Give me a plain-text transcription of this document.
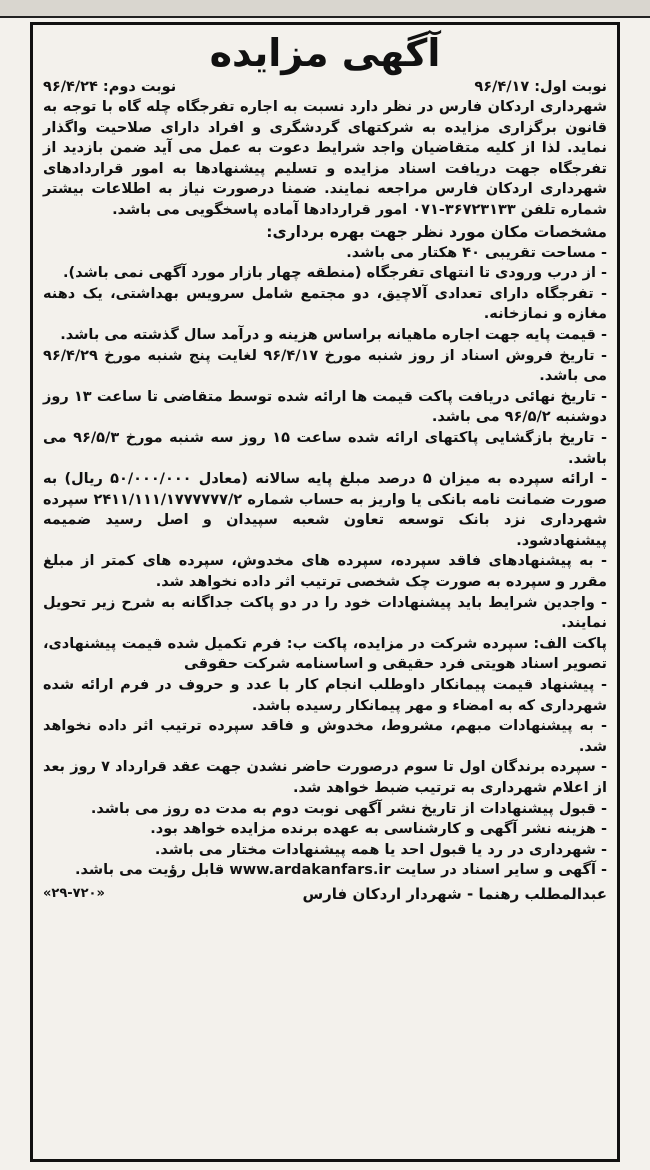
آگهی مزایده
نوبت اول: ۹۶/۴/۱۷
نوبت دوم: ۹۶/۴/۲۴

شهرداری اردکان فارس در نظر دارد نسبت به اجاره تفرجگاه چله گاه با توجه به قانون برگزاری مزایده به شرکتهای گردشگری و افراد دارای صلاحیت واگذار نماید. لذا از کلیه متقاضیان واجد شرایط دعوت به عمل می آید ضمن بازدید از تفرجگاه جهت دریافت اسناد مزایده و تسلیم پیشنهادها به امور قراردادهای شهرداری اردکان فارس مراجعه نمایند. ضمنا درصورت نیاز به اطلاعات بیشتر شماره تلفن ۳۶۷۲۳۱۳۳-۰۷۱ امور قراردادها آماده پاسخگویی می باشد.

مشخصات مکان مورد نظر جهت بهره برداری:

- مساحت تقریبی ۴۰ هکتار می باشد.

- از درب ورودی تا انتهای تفرجگاه (منطقه چهار بازار مورد آگهی نمی باشد).

- تفرجگاه دارای تعدادی آلاچیق، دو مجتمع شامل سرویس بهداشتی، یک دهنه مغازه و نمازخانه.

- قیمت پایه جهت اجاره ماهیانه براساس هزینه و درآمد سال گذشته می باشد.

- تاریخ فروش اسناد از روز شنبه مورخ ۹۶/۴/۱۷ لغایت پنج شنبه مورخ ۹۶/۴/۲۹ می باشد.

- تاریخ نهائی دریافت پاکت قیمت ها ارائه شده توسط متقاضی تا ساعت ۱۳ روز دوشنبه ۹۶/۵/۲ می باشد.

- تاریخ بازگشایی پاکتهای ارائه شده ساعت ۱۵ روز سه شنبه مورخ ۹۶/۵/۳ می باشد.

- ارائه سپرده به میزان ۵ درصد مبلغ پایه سالانه (معادل ۵۰/۰۰۰/۰۰۰ ریال) به صورت ضمانت نامه بانکی یا واریز به حساب شماره ۲۴۱۱/۱۱۱/۱۷۷۷۷۷۷/۲ سپرده شهرداری نزد بانک توسعه تعاون شعبه سپیدان و اصل رسید ضمیمه پیشنهادشود.

- به پیشنهادهای فاقد سپرده، سپرده های مخدوش، سپرده های کمتر از مبلغ مقرر و سپرده به صورت چک شخصی ترتیب اثر داده نخواهد شد.

- واجدین شرایط باید پیشنهادات خود را در دو پاکت جداگانه به شرح زیر تحویل نمایند.

پاکت الف: سپرده شرکت در مزایده، پاکت ب: فرم تکمیل شده قیمت پیشنهادی، تصویر اسناد هویتی فرد حقیقی و اساسنامه شرکت حقوقی

- پیشنهاد قیمت پیمانکار داوطلب انجام کار با عدد و حروف در فرم ارائه شده شهرداری که به امضاء و مهر پیمانکار رسیده باشد.

- به پیشنهادات مبهم، مشروط، مخدوش و فاقد سپرده ترتیب اثر داده نخواهد شد.

- سپرده برندگان اول تا سوم درصورت حاضر نشدن جهت عقد قرارداد ۷ روز بعد از اعلام شهرداری به ترتیب ضبط خواهد شد.

- قبول پیشنهادات از تاریخ نشر آگهی نوبت دوم به مدت ده روز می باشد.

- هزینه نشر آگهی و کارشناسی به عهده برنده مزایده خواهد بود.

- شهرداری در رد یا قبول احد یا همه پیشنهادات مختار می باشد.

- آگهی و سایر اسناد در سایت www.ardakanfars.ir قابل رؤیت می باشد.

عبدالمطلب رهنما - شهردار اردکان فارس
«۲۹-۷۲۰»
